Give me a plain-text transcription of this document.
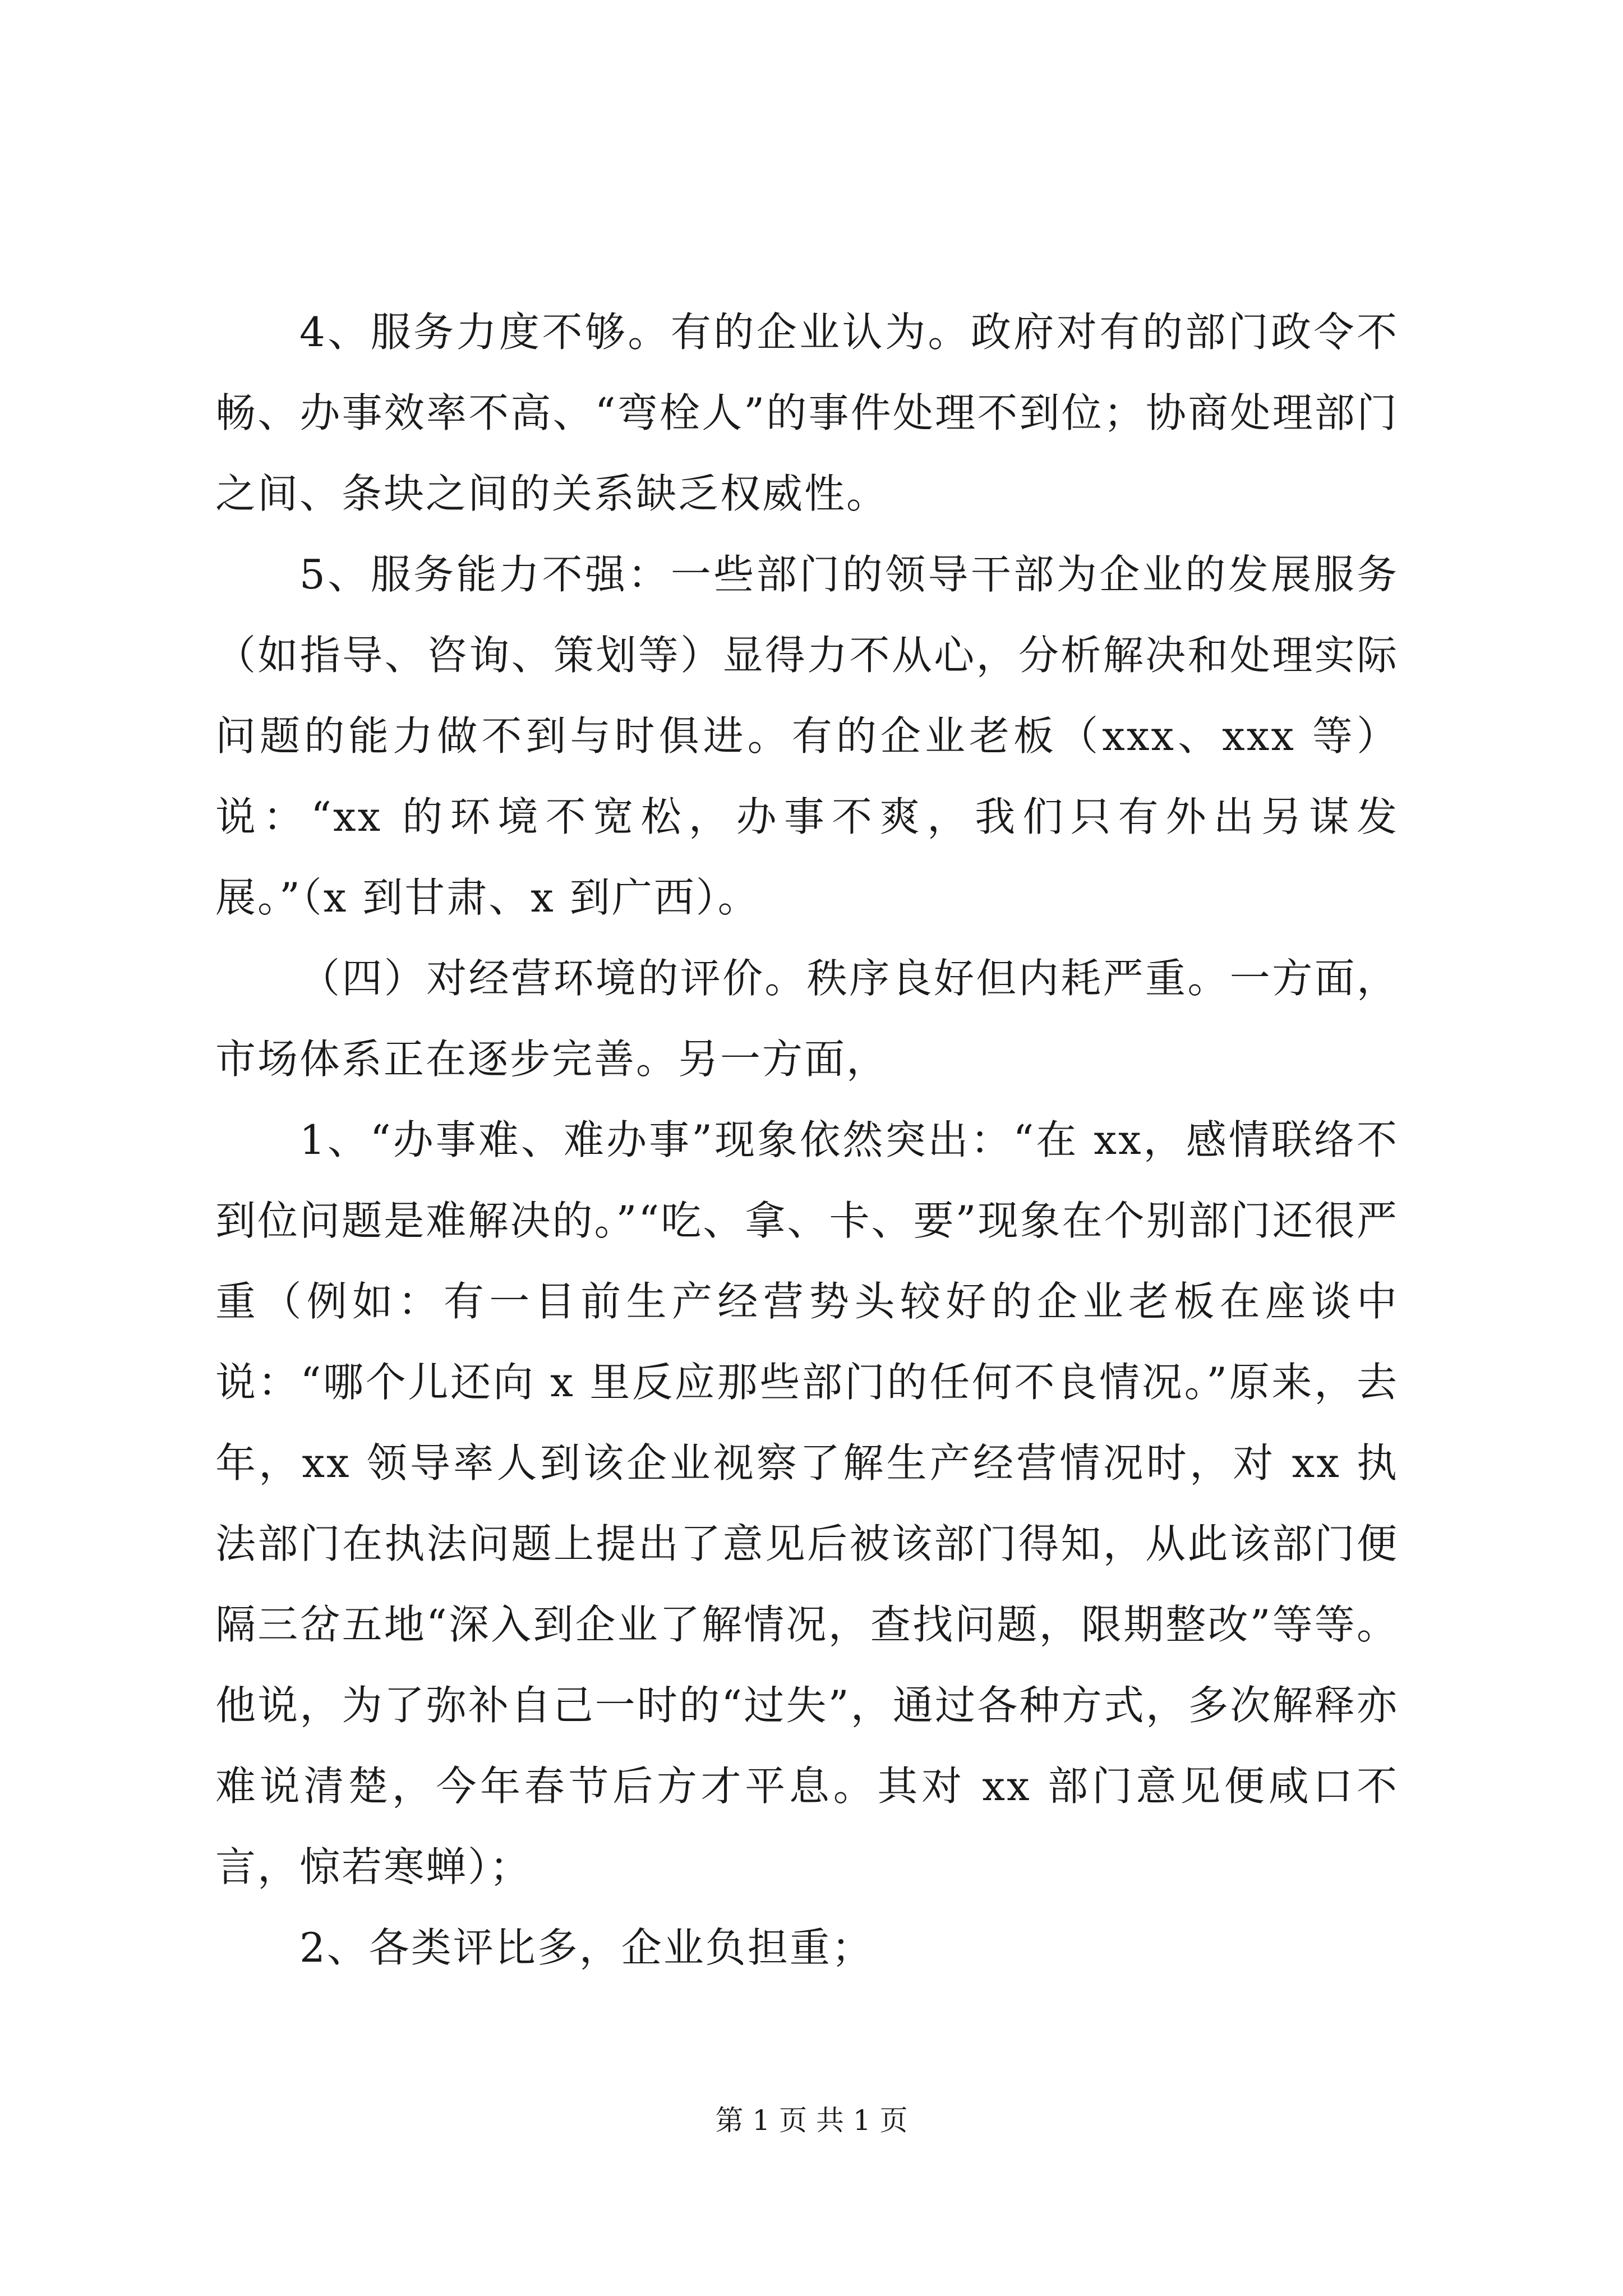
4、服务力度不够。有的企业认为。政府对有的部门政令不畅、办事效率不高、“弯栓人”的事件处理不到位；协商处理部门之间、条块之间的关系缺乏权威性。

5、服务能力不强：一些部门的领导干部为企业的发展服务（如指导、咨询、策划等）显得力不从心，分析解决和处理实际问题的能力做不到与时俱进。有的企业老板（xxx、xxx 等）说：“xx 的环境不宽松，办事不爽，我们只有外出另谋发展。”（x 到甘肃、x 到广西）。

（四）对经营环境的评价。秩序良好但内耗严重。一方面，市场体系正在逐步完善。另一方面，

1、“办事难、难办事”现象依然突出：“在 xx，感情联络不到位问题是难解决的。”“吃、拿、卡、要”现象在个别部门还很严重（例如：有一目前生产经营势头较好的企业老板在座谈中说：“哪个儿还向 x 里反应那些部门的任何不良情况。”原来，去年，xx 领导率人到该企业视察了解生产经营情况时，对 xx 执法部门在执法问题上提出了意见后被该部门得知，从此该部门便隔三岔五地“深入到企业了解情况，查找问题，限期整改”等等。他说，为了弥补自己一时的“过失”，通过各种方式，多次解释亦难说清楚，今年春节后方才平息。其对 xx 部门意见便咸口不言，惊若寒蝉）；

2、各类评比多，企业负担重；

第 1 页 共 1 页
